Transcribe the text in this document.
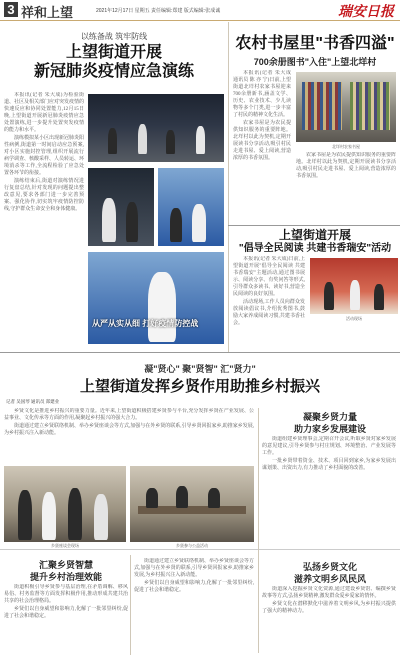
3 祥和上望	2021年12月17日 星期五 责任编辑:郑建 版式编辑:张成诚	瑞安日报
以练备战 筑牢防线
上望街道开展
新冠肺炎疫情应急演练

本报讯(记者 朱大成)为检验街道、社区及相关部门应对突发疫情的快速反应和协同处置能力,12月15日晚,上望街道开展新冠肺炎疫情应急处置演练,进一步提升处置突发疫情的能力和水平。

演练模拟某小区出现新冠肺炎阳性病例,街道第一时间启动应急预案,对小区实施封控管理,组织开展流行病学调查、核酸采样、人员转运、环境消杀等工作,全流程检验了应急处置各环节的衔接。

演练结束后,街道对演练情况进行复盘总结,针对发现的问题提出整改意见,要求各部门进一步完善预案、强化协作,切实筑牢疫情防控防线,守护群众生命安全和身体健康。

从严从实从细 打好疫情防控战
农村书屋里"书香四溢"
700余册图书"入住"上望北垟村

本报讯(记者 朱大成 通讯员 陈 亦 宁)日前,上望街道北垟村农家书屋迎来700余册新书,涵盖文学、历史、农业技术、少儿读物等多个门类,进一步丰富了村民的精神文化生活。

农家书屋是为农民提供知识服务的重要阵地。北垟村以此为契机,定期开展读书分享活动,吸引村民走进书屋、爱上阅读,营造浓厚的书香氛围。

北垟村农家书屋

农家书屋是为农民提供知识服务的重要阵地。北垟村以此为契机,定期开展读书分享活动,吸引村民走进书屋、爱上阅读,营造浓厚的书香氛围。

上望街道开展
"倡导全民阅读 共建书香瑞安"活动

本报讯(记者 朱大成)日前,上望街道开展"倡导全民阅读 共建书香瑞安"主题活动,通过图书展示、阅读分享、有奖问答等形式,引导群众多读书、读好书,营造全民阅读的良好氛围。

活动现场,工作人员向群众发放阅读倡议书,介绍优秀图书,鼓励大家养成阅读习惯,共建书香社会。

活动现场
凝"贤心" 聚"贤智" 汇"贤力"
上望街道发挥乡贤作用助推乡村振兴
记者 吴国琴 通讯员 郑建业

乡贤文化是推进乡村振兴的重要力量。近年来,上望街道积极搭建乡贤参与平台,充分发挥乡贤在产业发展、公益事业、文化传承等方面的作用,凝聚起乡村振兴的强大合力。

街道通过建立乡贤联络机制、举办乡贤座谈会等方式,加强与在外乡贤的联系,引导乡贤回报家乡,助推家乡发展,为乡村振兴注入新动能。

乡贤座谈会现场	乡贤参与公益活动
凝聚乡贤力量
助力家乡发展建设

街道组建乡贤理事会,定期召开会议,听取乡贤对家乡发展的意见建议,引导乡贤参与村庄规划、环境整治、产业发展等工作。

一批乡贤带着资金、技术、项目回到家乡,为家乡发展出谋划策、出资出力,有力推动了乡村面貌的改善。

汇聚乡贤智慧
提升乡村治理效能

街道积极引导乡贤参与基层治理,在矛盾调解、移风易俗、村务监督等方面发挥积极作用,推动形成共建共治共享的社会治理格局。

乡贤们以自身威望和影响力,化解了一批邻里纠纷,促进了社会和谐稳定。

街道通过建立乡贤联络机制、举办乡贤座谈会等方式,加强与在外乡贤的联系,引导乡贤回报家乡,助推家乡发展,为乡村振兴注入新动能。

乡贤们以自身威望和影响力,化解了一批邻里纠纷,促进了社会和谐稳定。

弘扬乡贤文化
滋养文明乡风民风

街道深入挖掘乡贤文化资源,通过建设乡贤馆、编撰乡贤故事等方式,弘扬乡贤精神,激发群众爱乡爱家的情怀。

乡贤文化在潜移默化中滋养着文明乡风,为乡村振兴提供了强大的精神动力。
